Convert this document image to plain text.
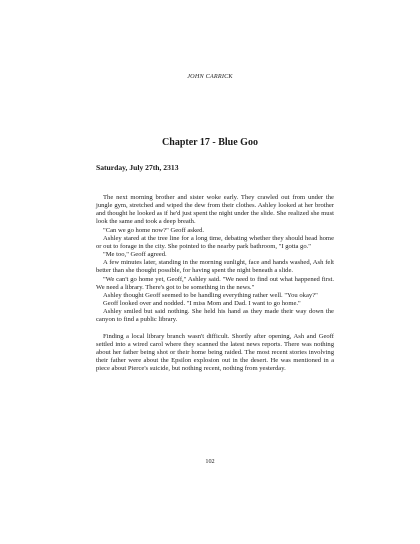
JOHN CARRICK
Chapter 17 - Blue Goo
Saturday, July 27th, 2313

The next morning brother and sister woke early. They crawled out from under the jungle gym, stretched and wiped the dew from their clothes. Ashley looked at her brother and thought he looked as if he'd just spent the night under the slide. She realized she must look the same and took a deep breath.

"Can we go home now?" Geoff asked.

Ashley stared at the tree line for a long time, debating whether they should head home or out to forage in the city. She pointed to the nearby park bathroom, "I gotta go."

"Me too," Geoff agreed.

A few minutes later, standing in the morning sunlight, face and hands washed, Ash felt better than she thought possible, for having spent the night beneath a slide.

"We can't go home yet, Geoff," Ashley said. "We need to find out what happened first. We need a library. There's got to be something in the news."

Ashley thought Geoff seemed to be handling everything rather well. "You okay?"

Geoff looked over and nodded. "I miss Mom and Dad. I want to go home."

Ashley smiled but said nothing. She held his hand as they made their way down the canyon to find a public library.

Finding a local library branch wasn't difficult. Shortly after opening, Ash and Geoff settled into a wired carol where they scanned the latest news reports. There was nothing about her father being shot or their home being raided. The most recent stories involving their father were about the Epsilon explosion out in the desert. He was mentioned in a piece about Pierce's suicide, but nothing recent, nothing from yesterday.

102
